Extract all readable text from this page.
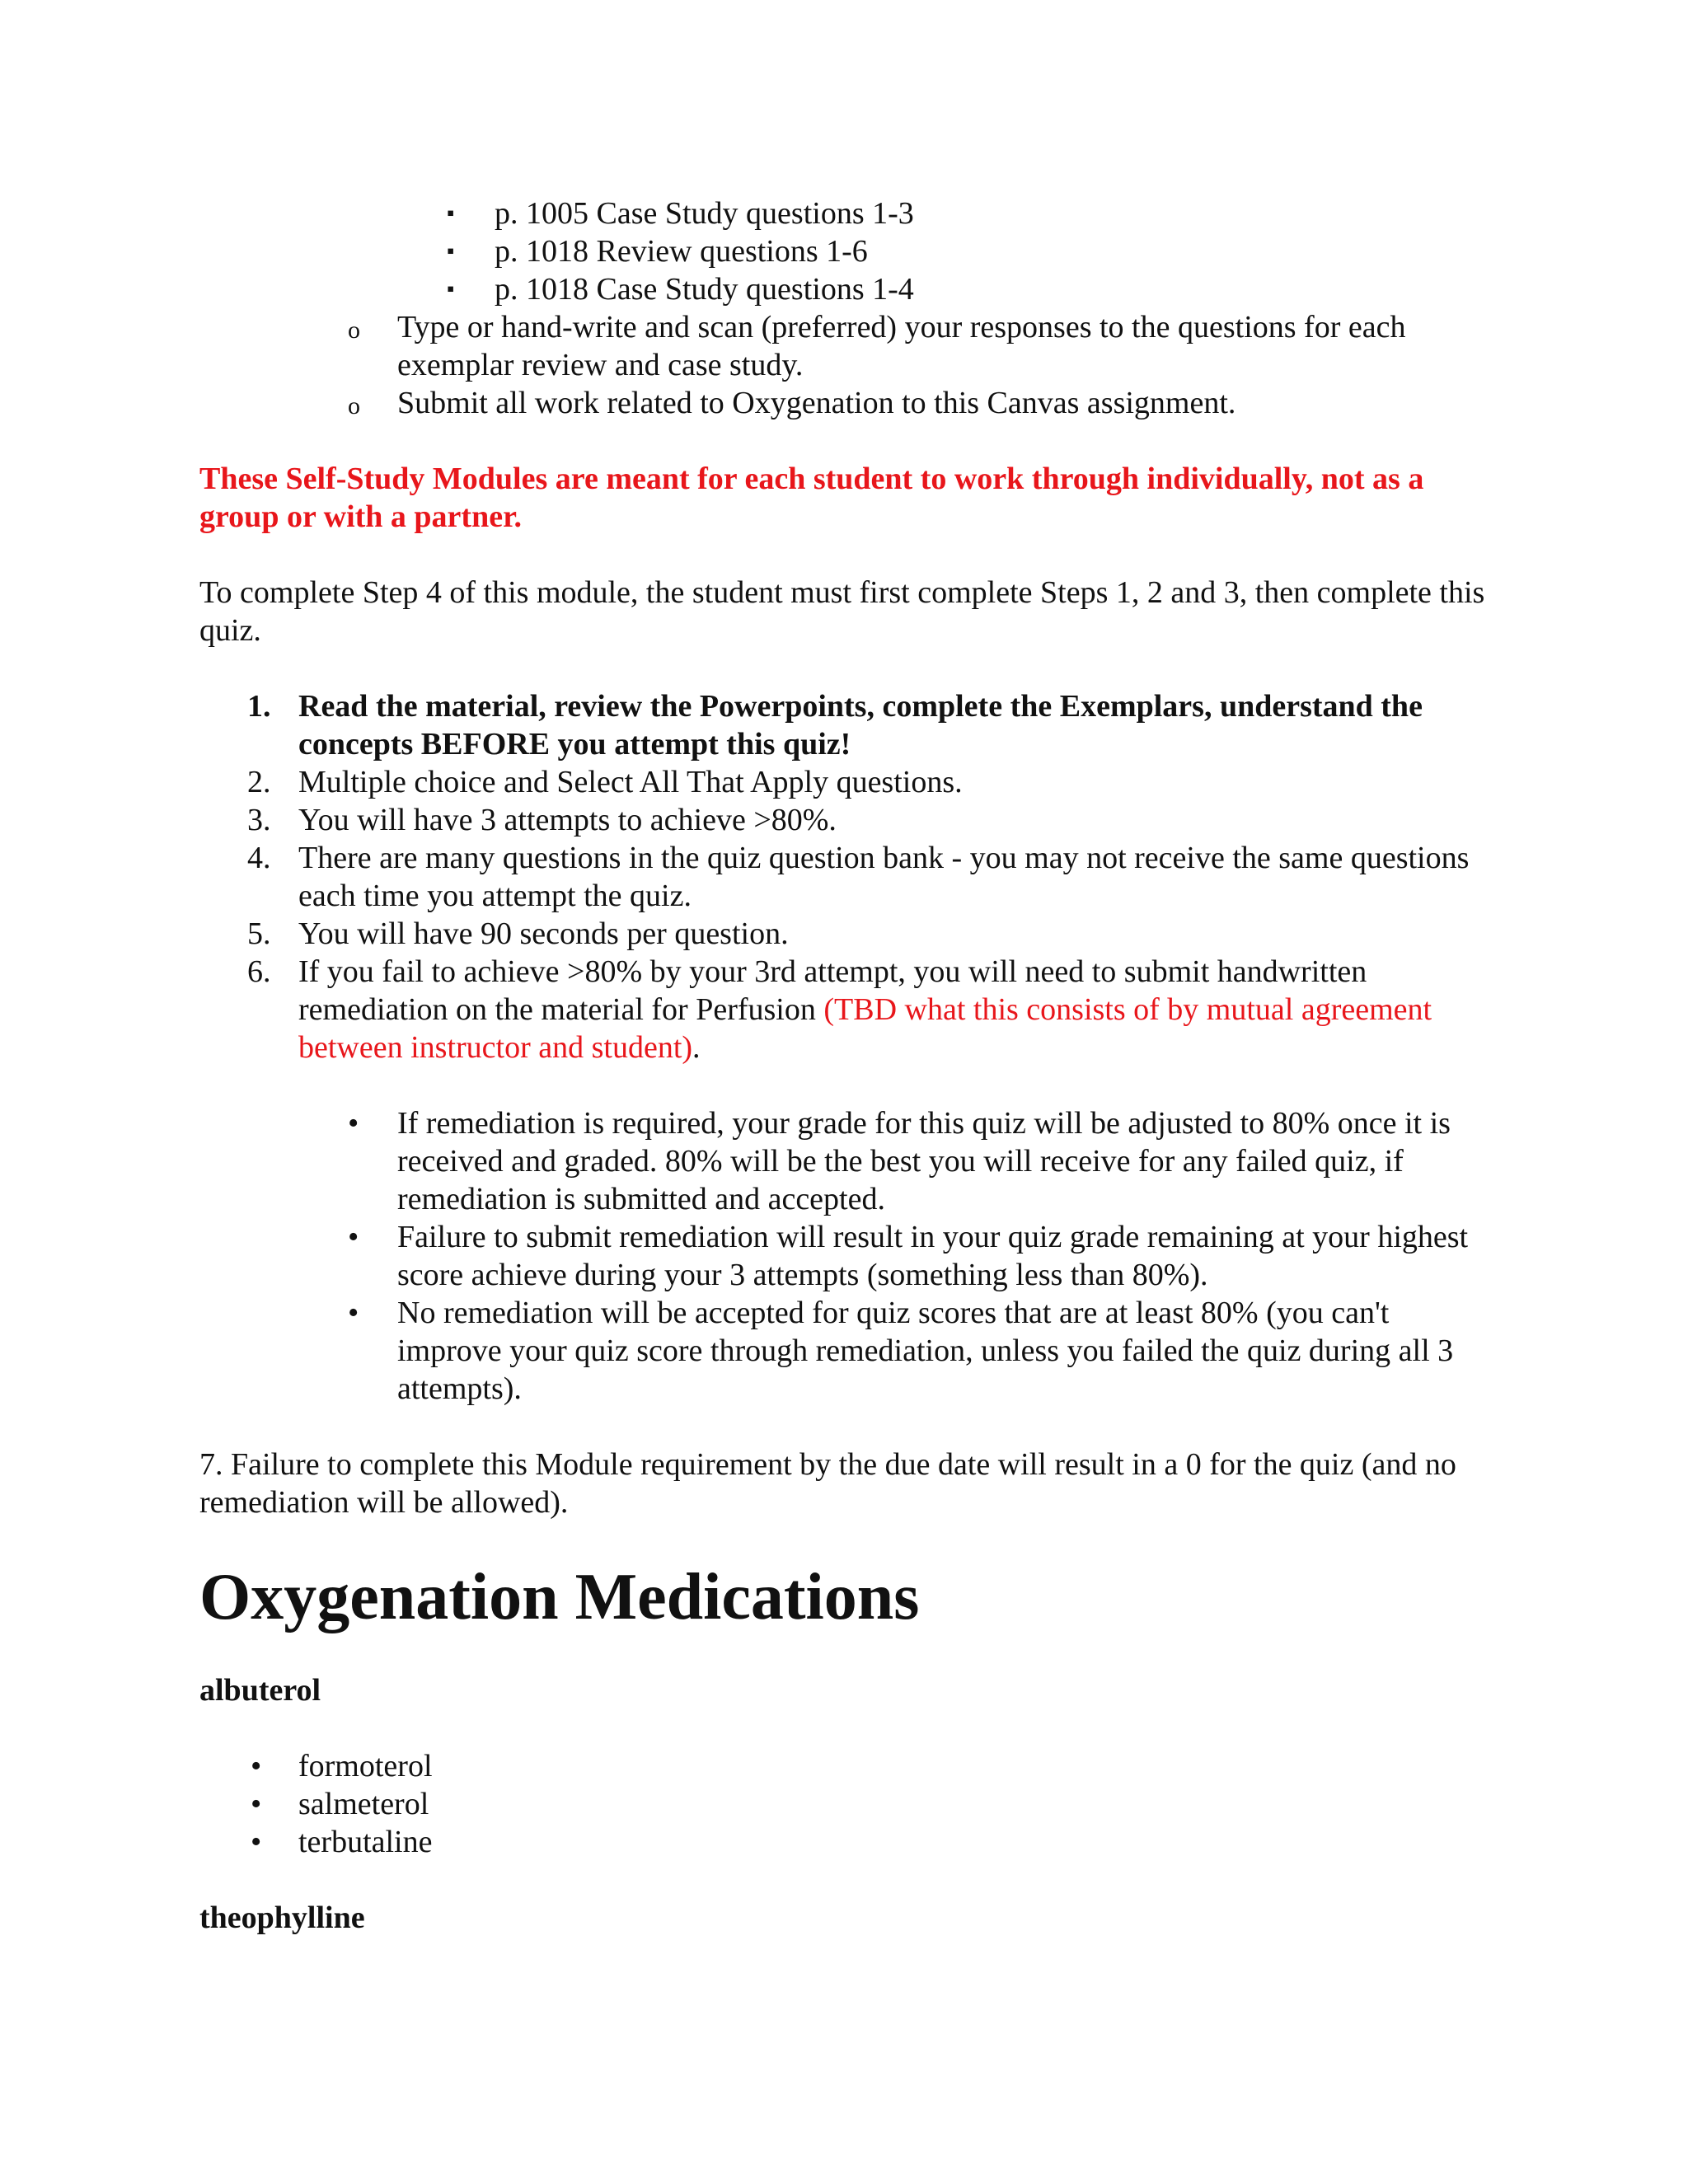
▪ p. 1005 Case Study questions 1-3
▪ p. 1018 Review questions 1-6
▪ p. 1018 Case Study questions 1-4
o Type or hand-write and scan (preferred) your responses to the questions for each exemplar review and case study.
o Submit all work related to Oxygenation to this Canvas assignment.

These Self-Study Modules are meant for each student to work through individually, not as a group or with a partner.

To complete Step 4 of this module, the student must first complete Steps 1, 2 and 3, then complete this quiz.

1. Read the material, review the Powerpoints, complete the Exemplars, understand the concepts BEFORE you attempt this quiz!
2. Multiple choice and Select All That Apply questions.
3. You will have 3 attempts to achieve >80%.
4. There are many questions in the quiz question bank - you may not receive the same questions each time you attempt the quiz.
5. You will have 90 seconds per question.
6. If you fail to achieve >80% by your 3rd attempt, you will need to submit handwritten remediation on the material for Perfusion (TBD what this consists of by mutual agreement between instructor and student).
• If remediation is required, your grade for this quiz will be adjusted to 80% once it is received and graded. 80% will be the best you will receive for any failed quiz, if remediation is submitted and accepted.
• Failure to submit remediation will result in your quiz grade remaining at your highest score achieve during your 3 attempts (something less than 80%).
• No remediation will be accepted for quiz scores that are at least 80% (you can't improve your quiz score through remediation, unless you failed the quiz during all 3 attempts).

7. Failure to complete this Module requirement by the due date will result in a 0 for the quiz (and no remediation will be allowed).

Oxygenation Medications

albuterol

• formoterol
• salmeterol
• terbutaline

theophylline
